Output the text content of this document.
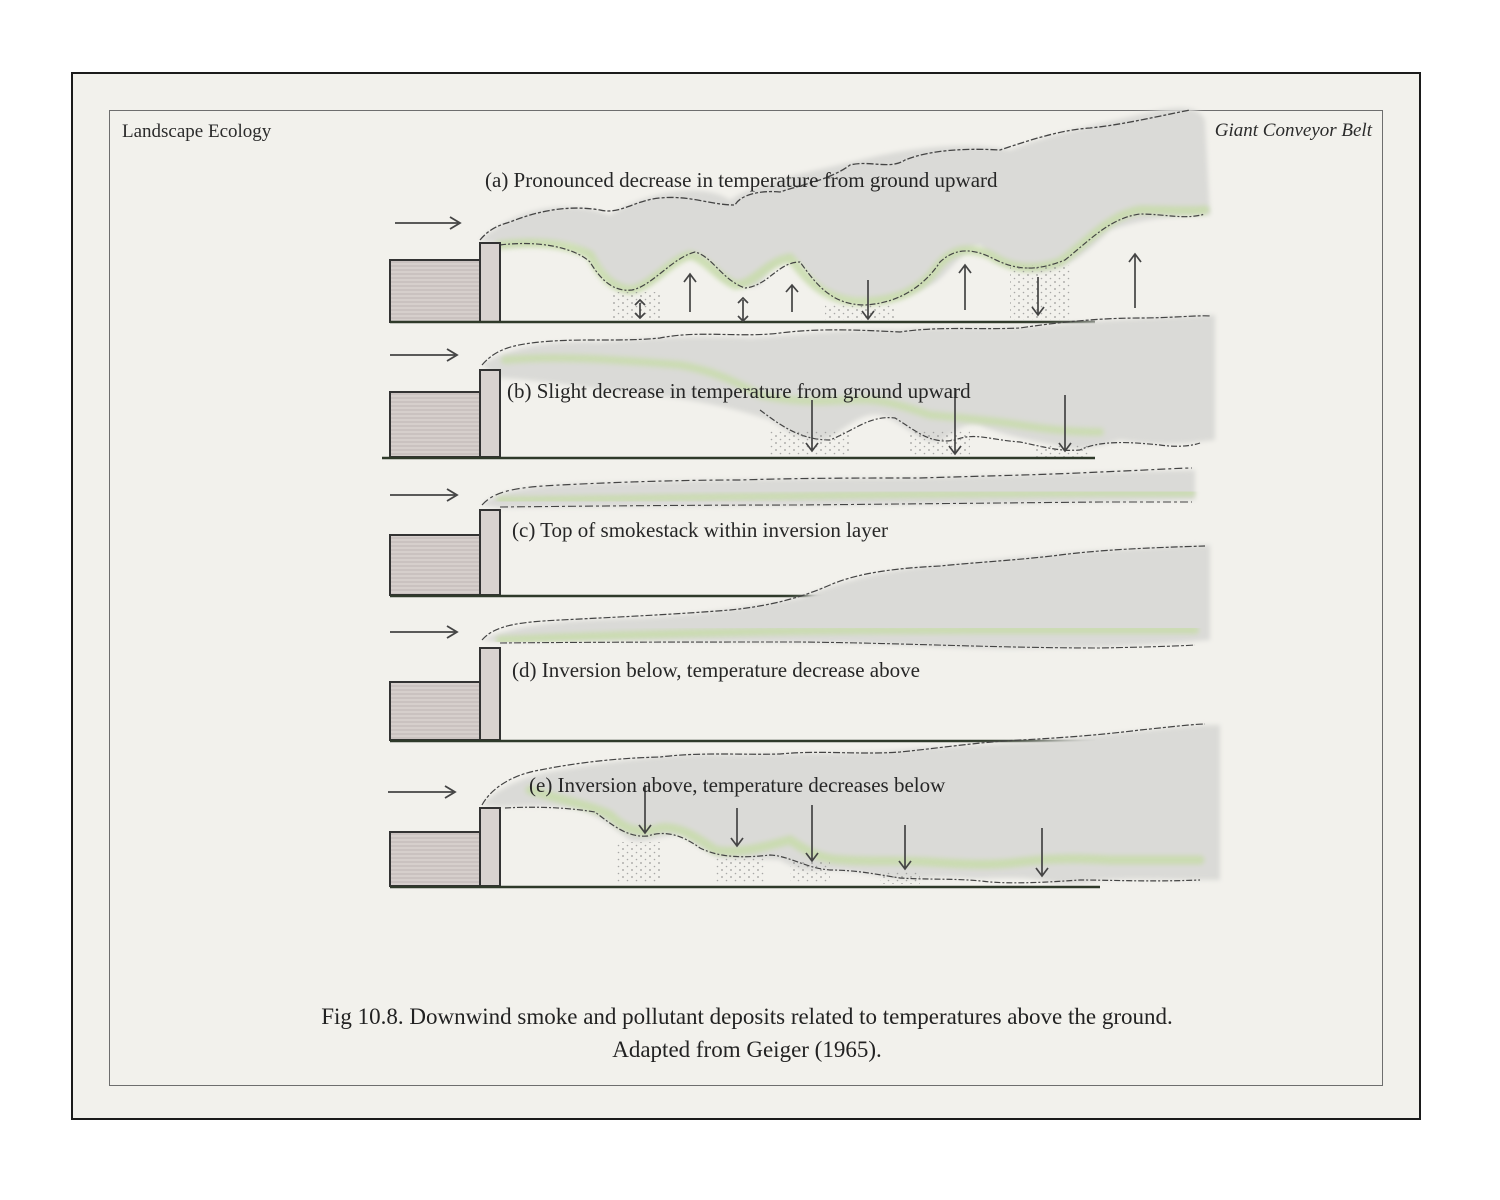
(a) Pronounced decrease in temperature from ground upward
(b) Slight decrease in temperature from ground upward
(c) Top of smokestack within inversion layer
(d) Inversion below, temperature decrease above
(e) Inversion above, temperature decreases below
Landscape Ecology	Giant Conveyor Belt
Fig 10.8. Downwind smoke and pollutant deposits related to temperatures above the ground.
Adapted from Geiger (1965).
